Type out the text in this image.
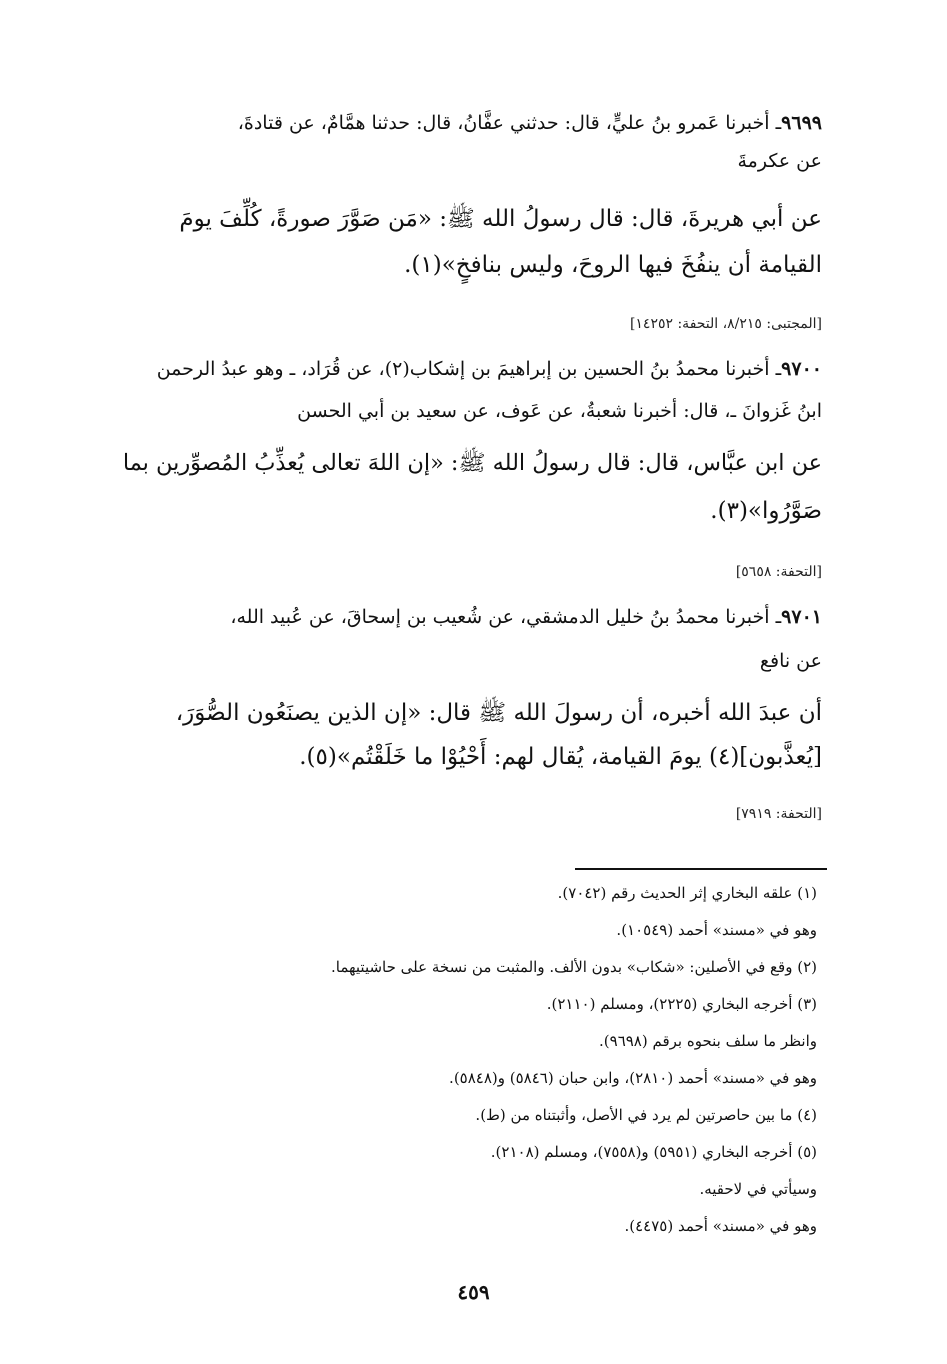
٩٦٩٩ـ أخبرنا عَمرو بنُ عليٍّ، قال: حدثني عفَّانُ، قال: حدثنا همَّامٌ، عن قتادةَ،
عن عكرمةَ
عن أبي هريرةَ، قال: قال رسولُ الله ﷺ: «مَن صَوَّرَ صورةً، كُلِّفَ يومَ
القيامة أن ينفُخَ فيها الروحَ، وليس بنافخٍ»(١).
[المجتبى: ٨/٢١٥، التحفة: ١٤٢٥٢]
٩٧٠٠ـ أخبرنا محمدُ بنُ الحسين بن إبراهيمَ بن إشكاب(٢)، عن قُرَاد، ـ وهو عبدُ الرحمن
ابنُ غَزوانَ ـ، قال: أخبرنا شعبةُ، عن عَوف، عن سعيد بن أبي الحسن
عن ابن عبَّاس، قال: قال رسولُ الله ﷺ: «إن اللهَ تعالى يُعذِّبُ المُصوِّرين بما
صَوَّرُوا»(٣).
[التحفة: ٥٦٥٨]
٩٧٠١ـ أخبرنا محمدُ بنُ خليل الدمشقي، عن شُعيب بن إسحاقَ، عن عُبيد الله،
عن نافع
أن عبدَ الله أخبره، أن رسولَ الله ﷺ قال: «إن الذين يصنَعُون الصُّوَرَ،
[يُعذَّبون](٤) يومَ القيامة، يُقال لهم: أَحْيُوْا ما خَلَقْتُم»(٥).
[التحفة: ٧٩١٩]
(١) علقه البخاري إثر الحديث رقم (٧٠٤٢).
وهو في «مسند» أحمد (١٠٥٤٩).
(٢) وقع في الأصلين: «شكاب» بدون الألف. والمثبت من نسخة على حاشيتيهما.
(٣) أخرجه البخاري (٢٢٢٥)، ومسلم (٢١١٠).
وانظر ما سلف بنحوه برقم (٩٦٩٨).
وهو في «مسند» أحمد (٢٨١٠)، وابن حبان (٥٨٤٦) و(٥٨٤٨).
(٤) ما بين حاصرتين لم يرد في الأصل، وأثبتناه من (ط).
(٥) أخرجه البخاري (٥٩٥١) و(٧٥٥٨)، ومسلم (٢١٠٨).
وسيأتي في لاحقيه.
وهو في «مسند» أحمد (٤٤٧٥).
٤٥٩
